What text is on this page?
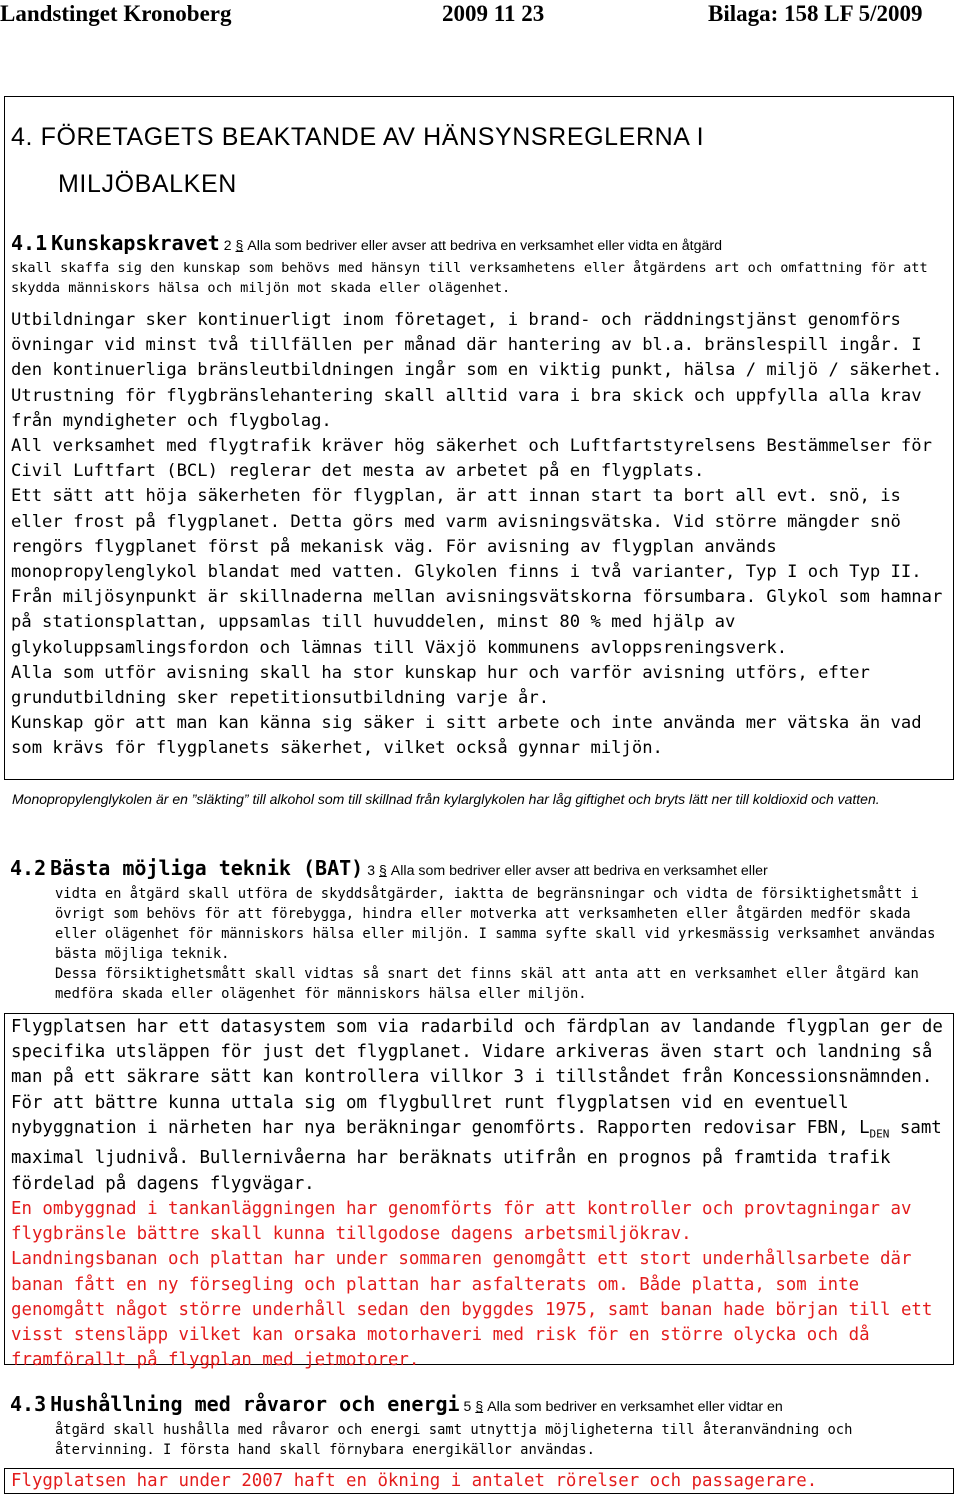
Landstinget Kronoberg	2009 11 23	Bilaga: 158 LF 5/2009
4. FÖRETAGETS BEAKTANDE AV HÄNSYNSREGLERNA I
MILJÖBALKEN
4.1 Kunskapskravet 2 § Alla som bedriver eller avser att bedriva en verksamhet eller vidta en åtgärd
skall skaffa sig den kunskap som behövs med hänsyn till verksamhetens eller åtgärdens art och omfattning för att skydda människors hälsa och miljön mot skada eller olägenhet.

Utbildningar sker kontinuerligt inom företaget, i brand- och räddningstjänst genomförs övningar vid minst två tillfällen per månad där hantering av bl.a. bränslespill ingår. I den kontinuerliga bränsleutbildningen ingår som en viktig punkt, hälsa / miljö / säkerhet.

Utrustning för flygbränslehantering skall alltid vara i bra skick och uppfylla alla krav från myndigheter och flygbolag.

All verksamhet med flygtrafik kräver hög säkerhet och Luftfartstyrelsens Bestämmelser för Civil Luftfart (BCL) reglerar det mesta av arbetet på en flygplats.

Ett sätt att höja säkerheten för flygplan, är att innan start ta bort all evt. snö, is eller frost på flygplanet. Detta görs med varm avisningsvätska. Vid större mängder snö rengörs flygplanet först på mekanisk väg. För avisning av flygplan används monopropylenglykol blandat med vatten. Glykolen finns i två varianter, Typ I och Typ II. Från miljösynpunkt är skillnaderna mellan avisningsvätskorna försumbara. Glykol som hamnar på stationsplattan, uppsamlas till huvuddelen, minst 80 % med hjälp av glykoluppsamlingsfordon och lämnas till Växjö kommunens avloppsreningsverk.

Alla som utför avisning skall ha stor kunskap hur och varför avisning utförs, efter grundutbildning sker repetitionsutbildning varje år.

Kunskap gör att man kan känna sig säker i sitt arbete och inte använda mer vätska än vad som krävs för flygplanets säkerhet, vilket också gynnar miljön.

Monopropylenglykolen är en ”släkting” till alkohol som till skillnad från kylarglykolen har låg giftighet och bryts lätt ner till koldioxid och vatten.
4.2 Bästa möjliga teknik (BAT) 3 § Alla som bedriver eller avser att bedriva en verksamhet eller
vidta en åtgärd skall utföra de skyddsåtgärder, iaktta de begränsningar och vidta de försiktighetsmått i övrigt som behövs för att förebygga, hindra eller motverka att verksamheten eller åtgärden medför skada eller olägenhet för människors hälsa eller miljön. I samma syfte skall vid yrkesmässig verksamhet användas bästa möjliga teknik.
Dessa försiktighetsmått skall vidtas så snart det finns skäl att anta att en verksamhet eller åtgärd kan medföra skada eller olägenhet för människors hälsa eller miljön.

Flygplatsen har ett datasystem som via radarbild och färdplan av landande flygplan ger de specifika utsläppen för just det flygplanet. Vidare arkiveras även start och landning så man på ett säkrare sätt kan kontrollera villkor 3 i tillståndet från Koncessionsnämnden. För att bättre kunna uttala sig om flygbullret runt flygplatsen vid en eventuell nybyggnation i närheten har nya beräkningar genomförts. Rapporten redovisar FBN, $L_{DEN}$ samt maximal ljudnivå. Bullernivåerna har beräknats utifrån en prognos på framtida trafik fördelad på dagens flygvägar.

En ombyggnad i tankanläggningen har genomförts för att kontroller och provtagningar av flygbränsle bättre skall kunna tillgodose dagens arbetsmiljökrav.

Landningsbanan och plattan har under sommaren genomgått ett stort underhållsarbete där banan fått en ny försegling och plattan har asfalterats om. Både platta, som inte genomgått något större underhåll sedan den byggdes 1975, samt banan hade början till ett visst stensläpp vilket kan orsaka motorhaveri med risk för en större olycka och då framförallt på flygplan med jetmotorer.

4.3 Hushållning med råvaror och energi 5 § Alla som bedriver en verksamhet eller vidtar en
åtgärd skall hushålla med råvaror och energi samt utnyttja möjligheterna till återanvändning och återvinning. I första hand skall förnybara energikällor användas.
Flygplatsen har under 2007 haft en ökning i antalet rörelser och passagerare.
